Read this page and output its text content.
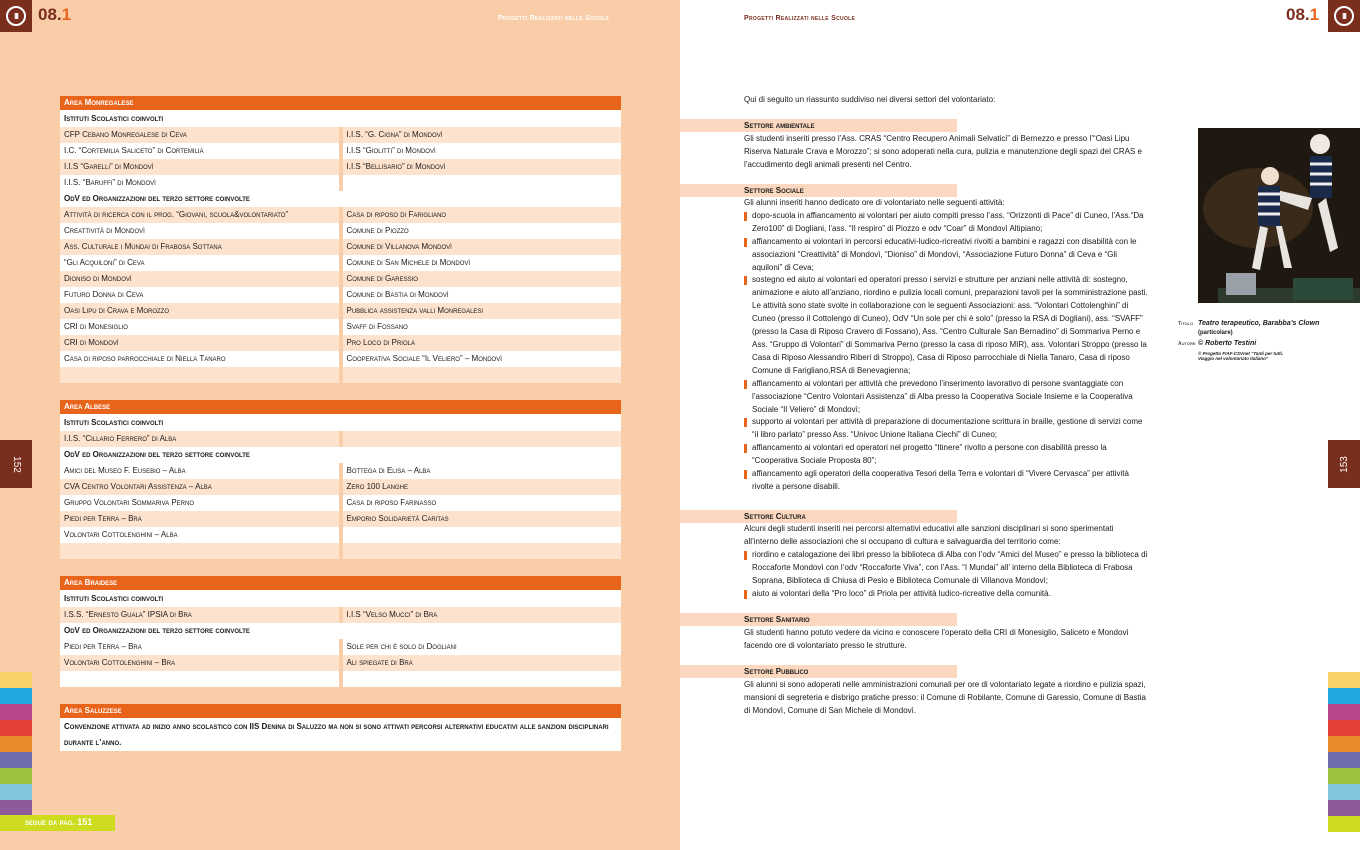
III	08.1	Progetti Realizzati nelle Scuole
Area Monregalese
Istituti Scolastici coinvolti
CFP Cebano Monregalese di Ceva	I.I.S. “G. Cigna” di Mondovì
I.C. “Cortemilia Saliceto” di Cortemilia	I.I.S “Giolitti” di Mondovì
I.I.S “Garelli” di Mondovì	I.I.S “Bellisario” di Mondovì
I.I.S. “Baruffi” di Mondovì
OdV ed Organizzazioni del terzo settore coinvolte
Attività di ricerca con il prog. “Giovani, scuola&volontariato”	Casa di riposo di Farigliano
Creattività di Mondovì	Comune di Piozzo
Ass. Culturale i Mundai di Frabosa Sottana	Comune di Villanova Mondovì
“Gli Acquiloni” di Ceva	Comune di San Michele di Mondovì
Dioniso di Mondovì	Comune di Garessio
Futuro Donna di Ceva	Comune di Bastia di Mondovì
Oasi Lipu di Crava e Morozzo	Pubblica assistenza valli Monregalesi
CRI di Monesiglio	Svaff di Fossano
CRI di Mondovì	Pro Loco di Priola
Casa di riposo parrocchiale di Niella Tanaro	Cooperativa Sociale “Il Veliero” – Mondovì
Area Albese
Istituti Scolastici coinvolti
I.I.S. “Cillario Ferrero” di Alba
OdV ed Organizzazioni del terzo settore coinvolte
Amici del Museo F. Eusebio – Alba	Bottega di Elisa – Alba
CVA Centro Volontari Assistenza – Alba	Zero 100 Langhe
Gruppo Volontari Sommariva Perno	Casa di riposo Farinasso
Piedi per Terra – Bra	Emporio Solidarietà Caritas
Volontari Cottolenghini – Alba
Area Braidese
Istituti Scolastici coinvolti
I.S.S. “Ernesto Guala” IPSIA di Bra	I.I.S “Velso Mucci” di Bra
OdV ed Organizzazioni del terzo settore coinvolte
Piedi per Terra – Bra	Sole per chi è solo di Dogliani
Volontari Cottolenghini – Bra	Ali spiegate di Bra
Area Saluzzese
Convenzione attivata ad inizio anno scolastico con IIS Denina di Saluzzo ma non si sono attivati percorsi alternativi educativi alle sanzioni disciplinari durante l’anno.
152
segue da pag. 151
Progetti Realizzati nelle Scuole	08.1	III
Qui di seguito un riassunto suddiviso nei diversi settori del volontariato:
Settore ambientale
Gli studenti inseriti presso l’Ass. CRAS “Centro Recupero Animali Selvatici” di Bernezzo e presso l’“Oasi Lipu Riserva Naturale Crava e Morozzo”; si sono adoperati nella cura, pulizia e manutenzione degli spazi del CRAS e l’accudimento degli animali presenti nel Centro.
Settore Sociale
Gli alunni inseriti hanno dedicato ore di volontariato nelle seguenti attività:
dopo-scuola in affiancamento ai volontari per aiuto compiti presso l’ass. “Orizzonti di Pace” di Cuneo, l’Ass.“Da Zero100” di Dogliani, l’ass. “Il respiro” di Piozzo e odv “Coar” di Mondovì Altipiano;
affiancamento ai volontari in percorsi educativi-ludico-ricreativi rivolti a bambini e ragazzi con disabilità con le associazioni “Creattività” di Mondovì, “Dioniso” di Mondovì, “Associazione Futuro Donna” di Ceva e “Gli aquiloni” di Ceva;
sostegno ed aiuto ai volontari ed operatori presso i servizi e strutture per anziani nelle attività di: sostegno, animazione e aiuto all’anziano, riordino e pulizia locali comuni, preparazioni tavoli per la somministrazione pasti. Le attività sono state svolte in collaborazione con le seguenti Associazioni: ass. “Volontari Cottolenghini” di Cuneo (presso il Cottolengo di Cuneo), OdV “Un sole per chi è solo” (presso la RSA di Dogliani), ass. “SVAFF” (presso la Casa di Riposo Cravero di Fossano), Ass. “Centro Culturale San Bernadino” di Sommariva Perno e Ass. “Gruppo di Volontari” di Sommariva Perno (presso la casa di riposo MIR), ass. Volontari Stroppo (presso la Casa di Riposo Alessandro Riberi di Stroppo), Casa di Riposo parrocchiale di Niella Tanaro, Casa di riposo Comune di Farigliano,RSA di Benevagienna;
affiancamento ai volontari per attività che prevedono l’inserimento lavorativo di persone svantaggiate con l’associazione “Centro Volontari Assistenza” di Alba presso la Cooperativa Sociale Insieme e la Cooperativa Sociale “Il Veliero” di Mondovì;
supporto ai volontari per attività di preparazione di documentazione scrittura in braille, gestione di servizi come “il libro parlato” presso Ass. “Univoc Unione Italiana Ciechi” di Cuneo;
affiancamento ai volontari ed operatori nel progetto “Itinere” rivolto a persone con disabilità presso la “Cooperativa Sociale Proposta 80”;
affiancamento agli operatori della cooperativa Tesori della Terra e volontari di “Vivere Cervasca” per attività rivolte a persone disabili.
Settore Cultura
Alcuni degli studenti inseriti nei percorsi alternativi educativi alle sanzioni disciplinari si sono sperimentati all’interno delle associazioni che si occupano di cultura e salvaguardia del territorio come:
riordino e catalogazione dei libri presso la biblioteca di Alba con l’odv “Amici del Museo” e presso la biblioteca di Roccaforte Mondovì con l’odv “Roccaforte Viva”, con l’Ass. “I Mundai” all’ interno della Biblioteca di Frabosa Soprana, Biblioteca di Chiusa di Pesio e Biblioteca Comunale di Villanova Mondovì;
aiuto ai volontari della “Pro loco” di Priola per attività ludico-ricreative della comunità.
Settore Sanitario
Gli studenti hanno potuto vedere da vicino e conoscere l’operato della CRI di Monesiglio, Saliceto e Mondovì facendo ore di volontariato presso le strutture.
Settore Pubblico
Gli alunni si sono adoperati nelle amministrazioni comunali per ore di volontariato legate a riordino e pulizia spazi, mansioni di segreteria e disbrigo pratiche presso: il Comune di Robilante, Comune di Garessio, Comune di Bastia di Mondovì, Comune di San Michele di Mondovì.
Titolo Teatro terapeutico, Barabba’s Clown
(particolare)
Autore © Roberto Testini
© Progetto FIAF-CSVnet “Tanti per tutti. Viaggio nel volontariato italiano”
153
